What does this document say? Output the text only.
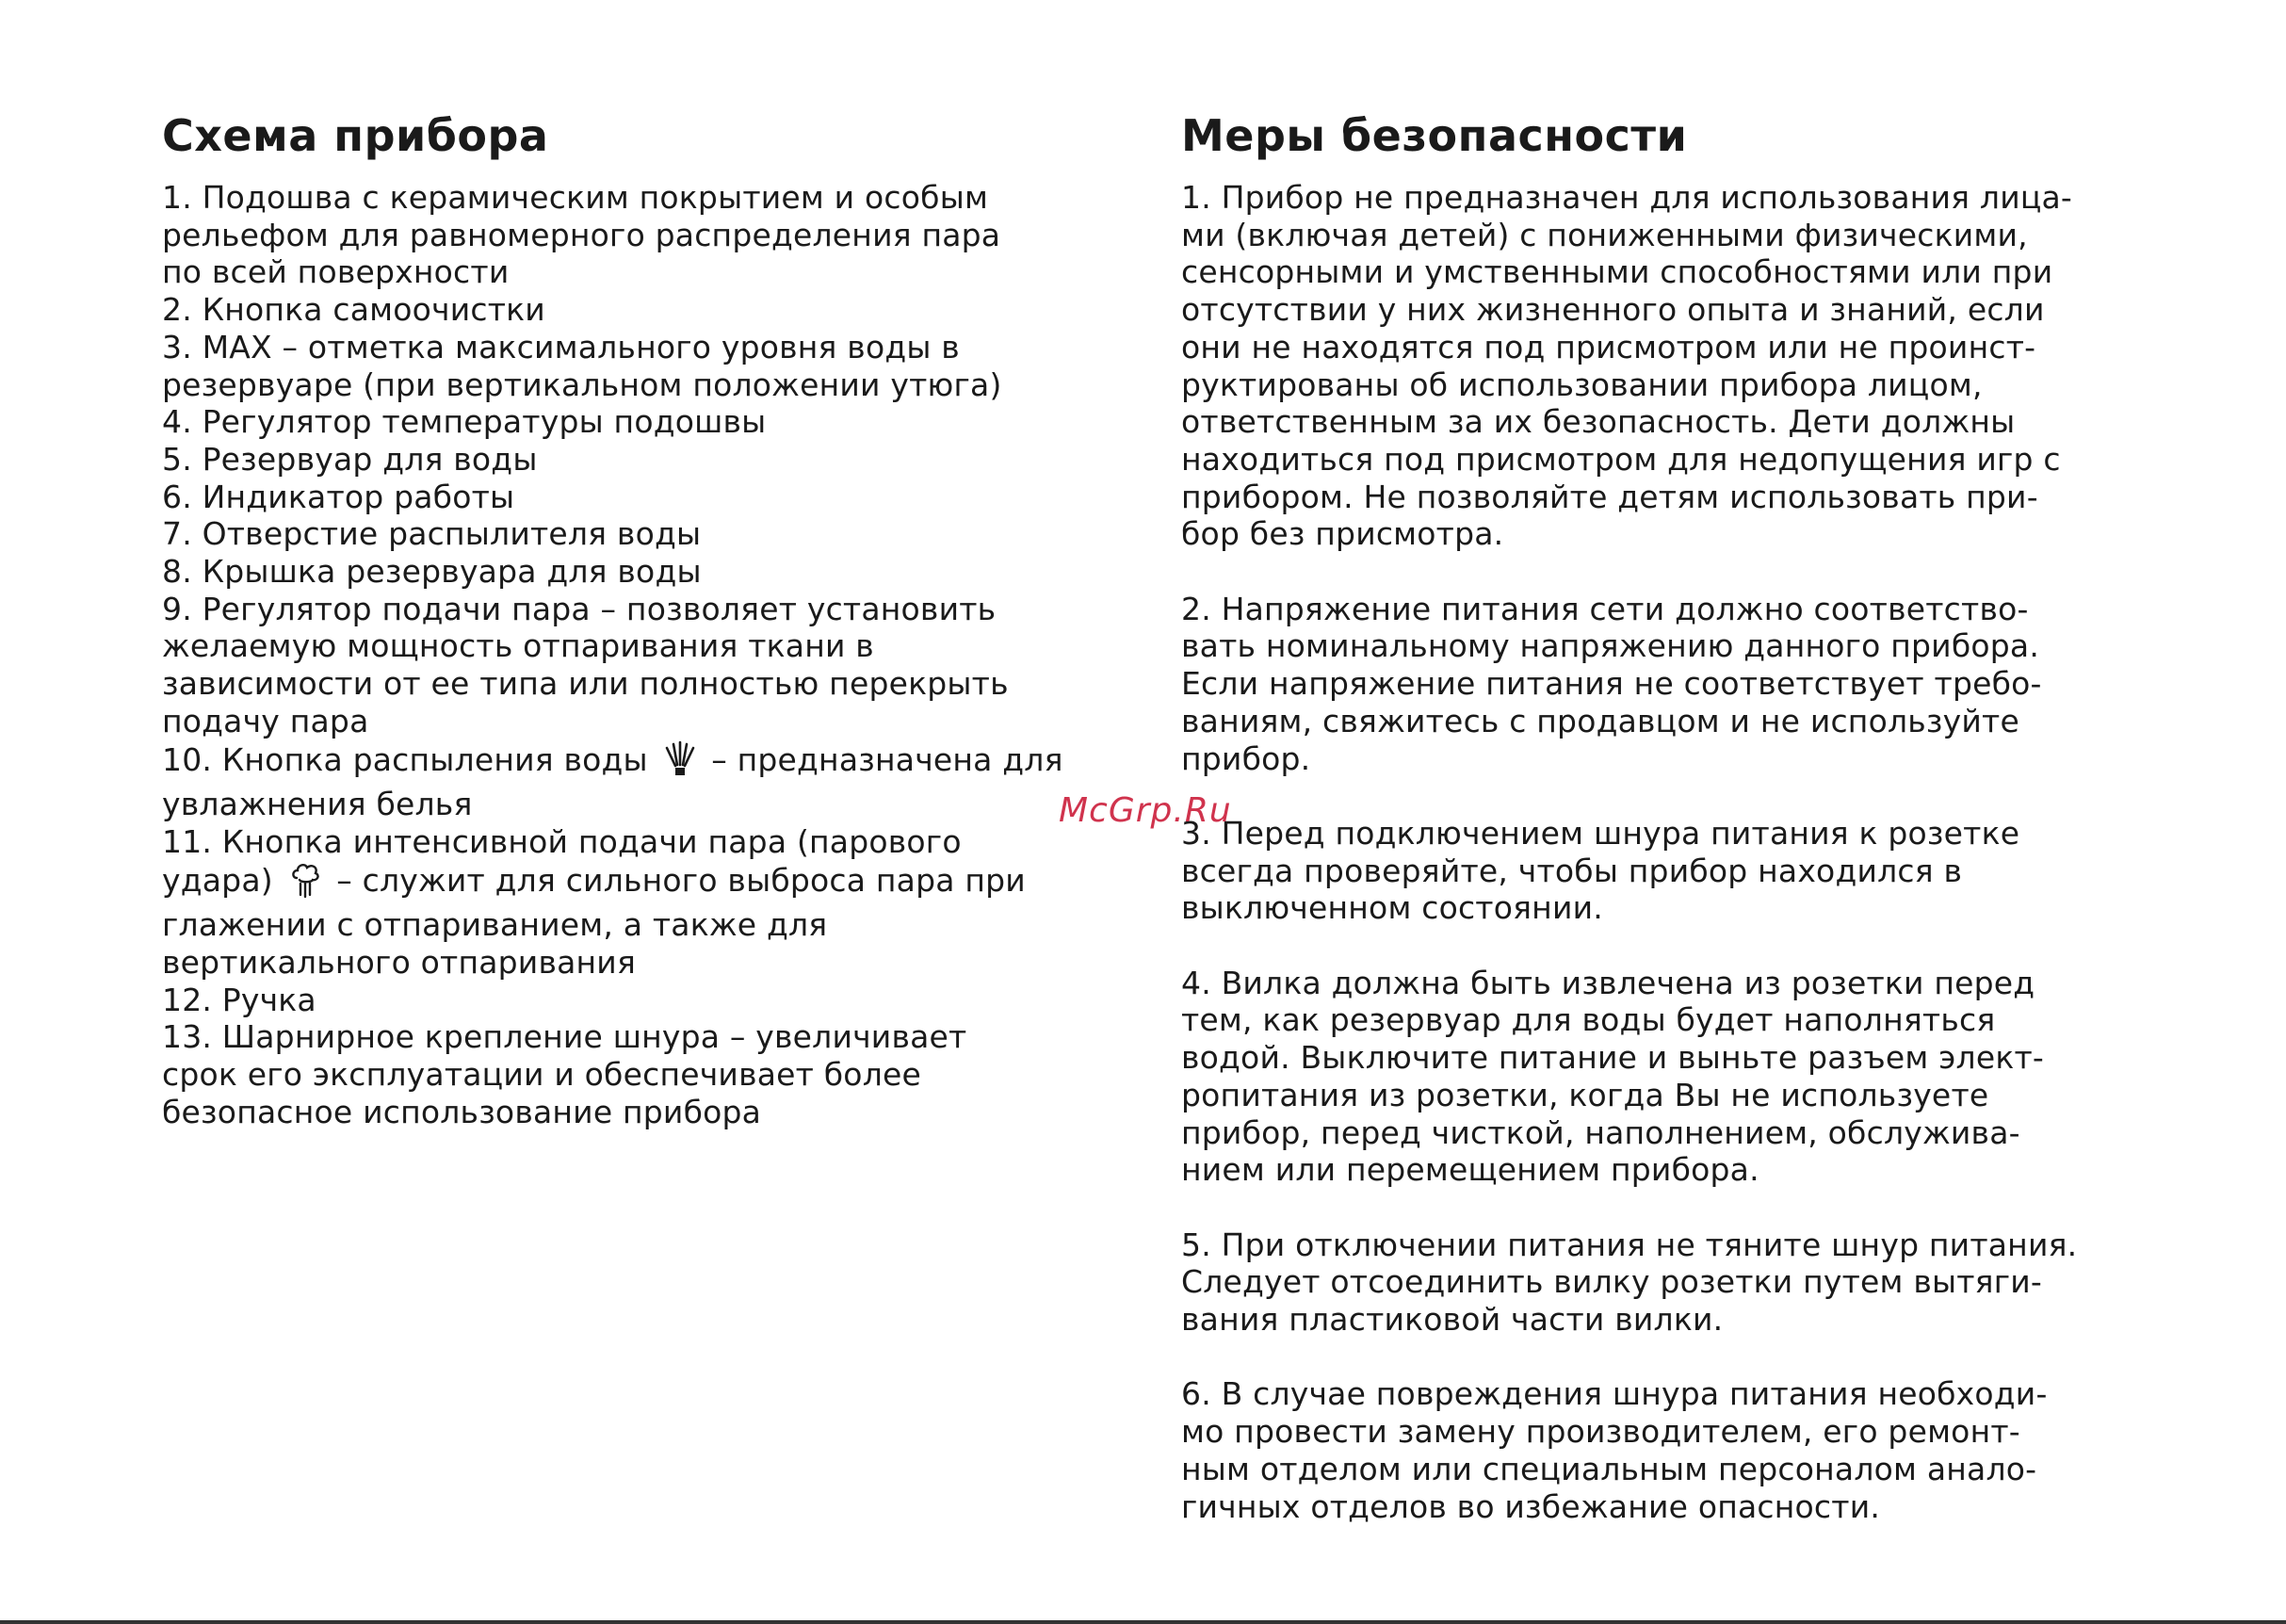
Схема прибора
1. Подошва с керамическим покрытием и особым
рельефом для равномерного распределения пара
по всей поверхности
2. Кнопка самоочистки
3. MAX – отметка максимального уровня воды в
резервуаре (при вертикальном положении утюга)
4. Регулятор температуры подошвы
5. Резервуар для воды
6. Индикатор работы
7. Отверстие распылителя воды
8. Крышка резервуара для воды
9. Регулятор подачи пара – позволяет установить
желаемую мощность отпаривания ткани в
зависимости от ее типа или полностью перекрыть
подачу пара
10. Кнопка распыления воды – предназначена для
увлажнения белья
11. Кнопка интенсивной подачи пара (парового
удара) – служит для сильного выброса пара при
глажении с отпариванием, а также для
вертикального отпаривания
12. Ручка
13. Шарнирное крепление шнура – увеличивает
срок его эксплуатации и обеспечивает более
безопасное использование прибора
Меры безопасности
1. Прибор не предназначен для использования лица-
ми (включая детей) с пониженными физическими,
сенсорными и умственными способностями или при
отсутствии у них жизненного опыта и знаний, если
они не находятся под присмотром или не проинст-
руктированы об использовании прибора лицом,
ответственным за их безопасность. Дети должны
находиться под присмотром для недопущения игр с
прибором. Не позволяйте детям использовать при-
бор без присмотра.
2. Напряжение питания сети должно соответство-
вать номинальному напряжению данного прибора.
Если напряжение питания не соответствует требо-
ваниям, свяжитесь с продавцом и не используйте
прибор.
3. Перед подключением шнура питания к розетке
всегда проверяйте, чтобы прибор находился в
выключенном состоянии.
4. Вилка должна быть извлечена из розетки перед
тем, как резервуар для воды будет наполняться
водой. Выключите питание и выньте разъем элект-
ропитания из розетки, когда Вы не используете
прибор, перед чисткой, наполнением, обслужива-
нием или перемещением прибора.
5. При отключении питания не тяните шнур питания.
Следует отсоединить вилку розетки путем вытяги-
вания пластиковой части вилки.
6. В случае повреждения шнура питания необходи-
мо провести замену производителем, его ремонт-
ным отделом или специальным персоналом анало-
гичных отделов во избежание опасности.
McGrp.Ru
